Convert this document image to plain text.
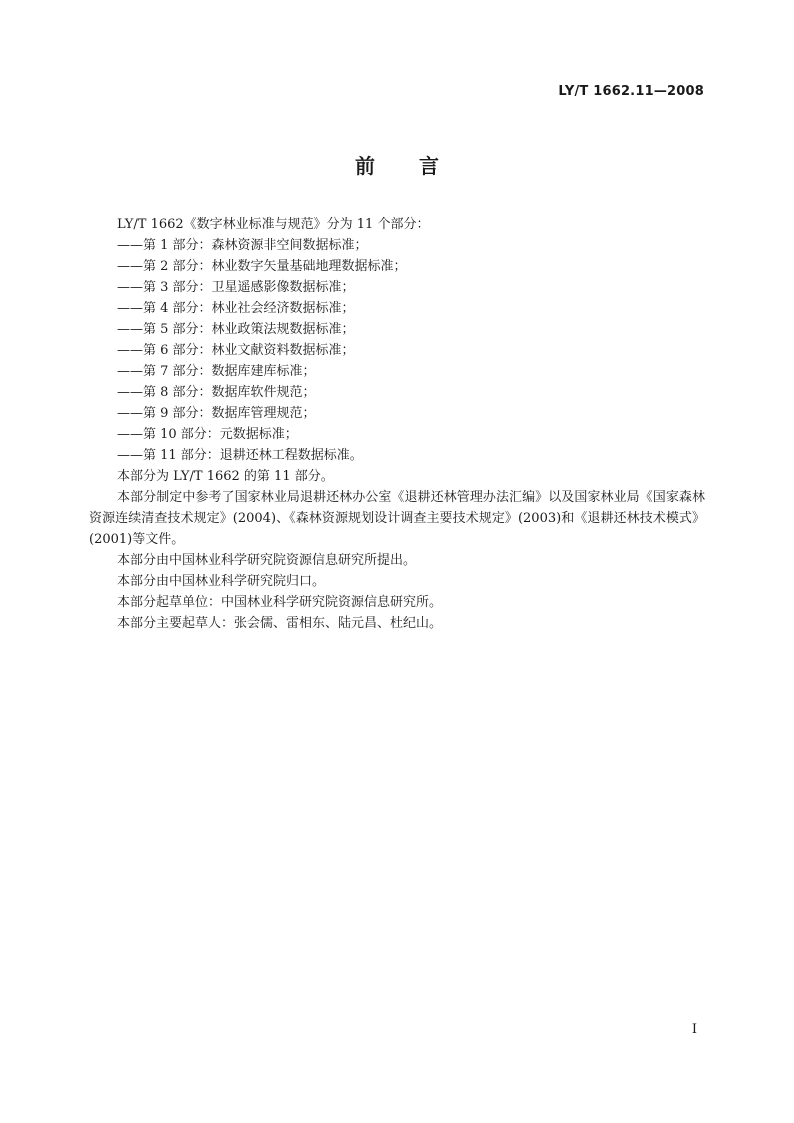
LY/T 1662.11—2008
前言

LY/T 1662《数字林业标准与规范》分为 11 个部分：

——第 1 部分：森林资源非空间数据标准；
——第 2 部分：林业数字矢量基础地理数据标准；
——第 3 部分：卫星遥感影像数据标准；
——第 4 部分：林业社会经济数据标准；
——第 5 部分：林业政策法规数据标准；
——第 6 部分：林业文献资料数据标准；
——第 7 部分：数据库建库标准；
——第 8 部分：数据库软件规范；
——第 9 部分：数据库管理规范；
——第 10 部分：元数据标准；
——第 11 部分：退耕还林工程数据标准。

本部分为 LY/T 1662 的第 11 部分。

本部分制定中参考了国家林业局退耕还林办公室《退耕还林管理办法汇编》以及国家林业局《国家森林资源连续清查技术规定》(2004)、《森林资源规划设计调查主要技术规定》(2003)和《退耕还林技术模式》(2001)等文件。

本部分由中国林业科学研究院资源信息研究所提出。

本部分由中国林业科学研究院归口。

本部分起草单位：中国林业科学研究院资源信息研究所。

本部分主要起草人：张会儒、雷相东、陆元昌、杜纪山。

I
